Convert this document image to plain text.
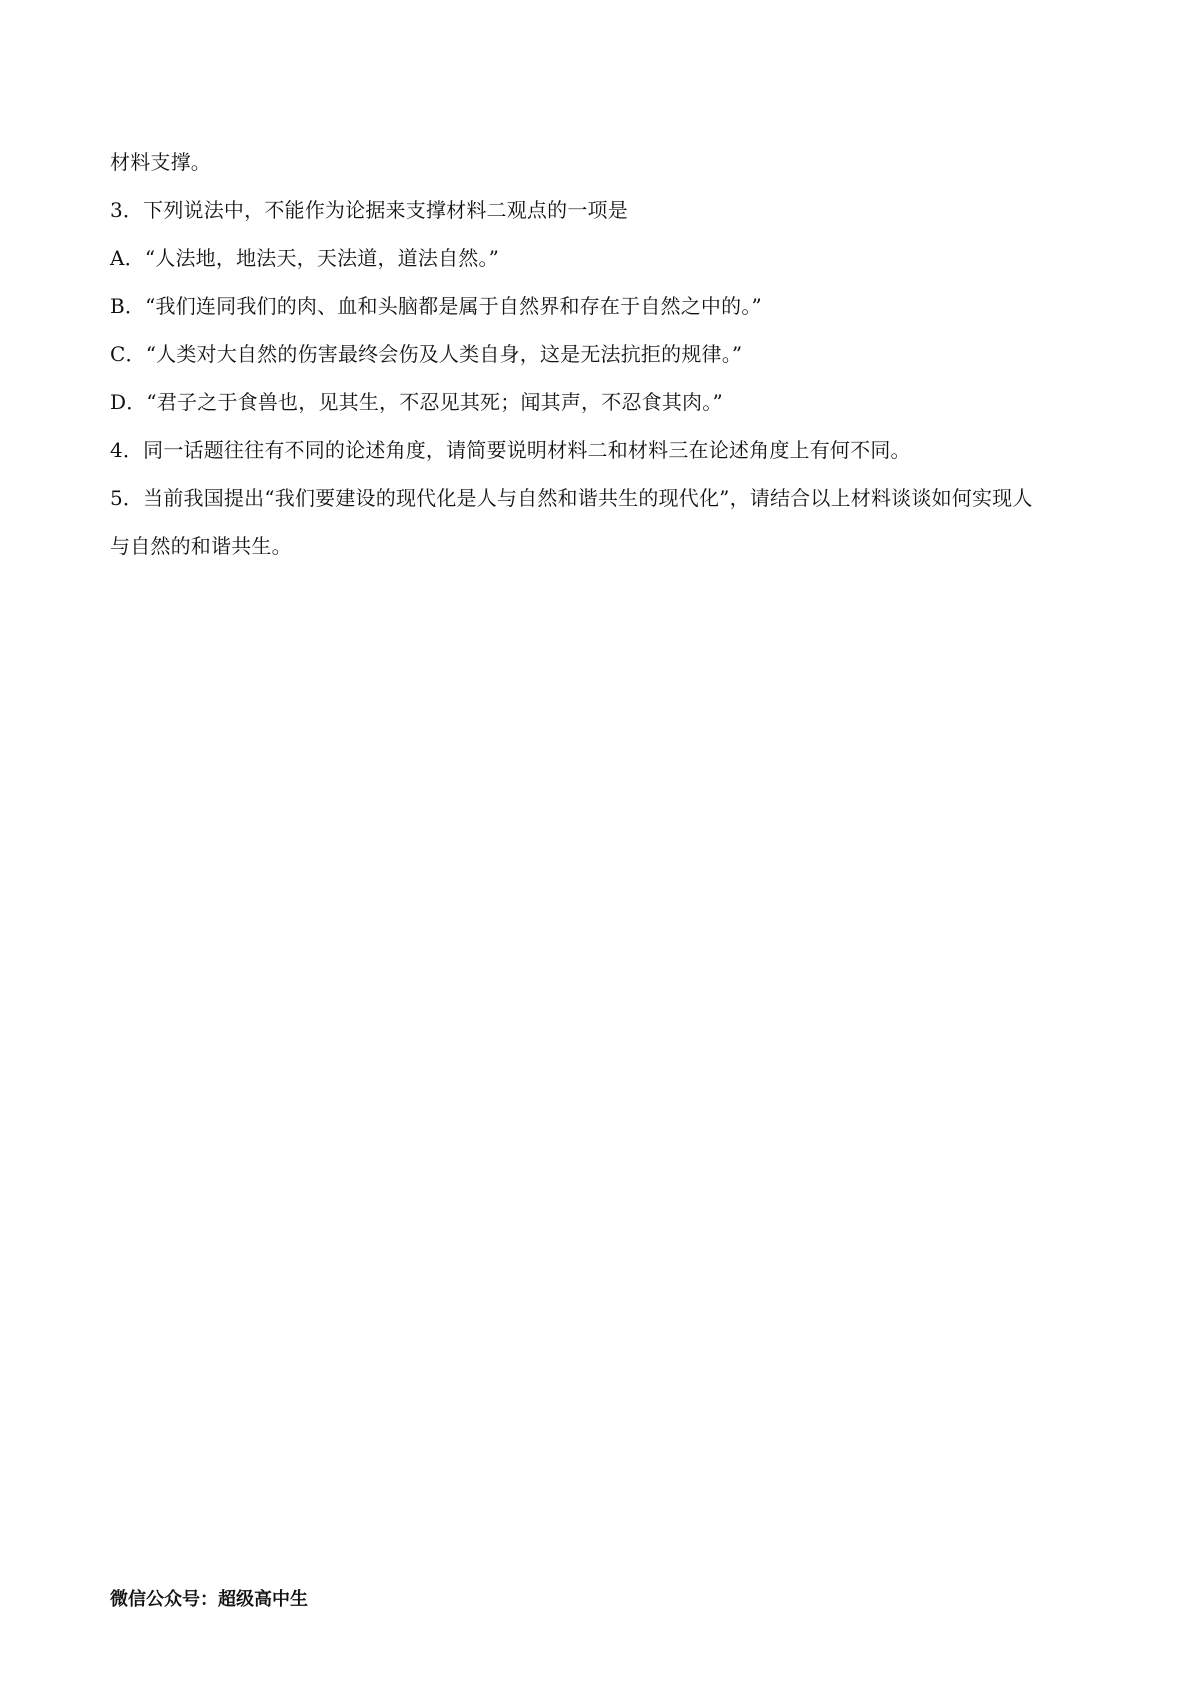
材料支撑。
3．下列说法中，不能作为论据来支撑材料二观点的一项是
A．“人法地，地法天，天法道，道法自然。”
B．“我们连同我们的肉、血和头脑都是属于自然界和存在于自然之中的。”
C．“人类对大自然的伤害最终会伤及人类自身，这是无法抗拒的规律。”
D．“君子之于食兽也，见其生，不忍见其死；闻其声，不忍食其肉。”
4．同一话题往往有不同的论述角度，请简要说明材料二和材料三在论述角度上有何不同。
5．当前我国提出“我们要建设的现代化是人与自然和谐共生的现代化”，请结合以上材料谈谈如何实现人
与自然的和谐共生。
微信公众号：超级高中生
